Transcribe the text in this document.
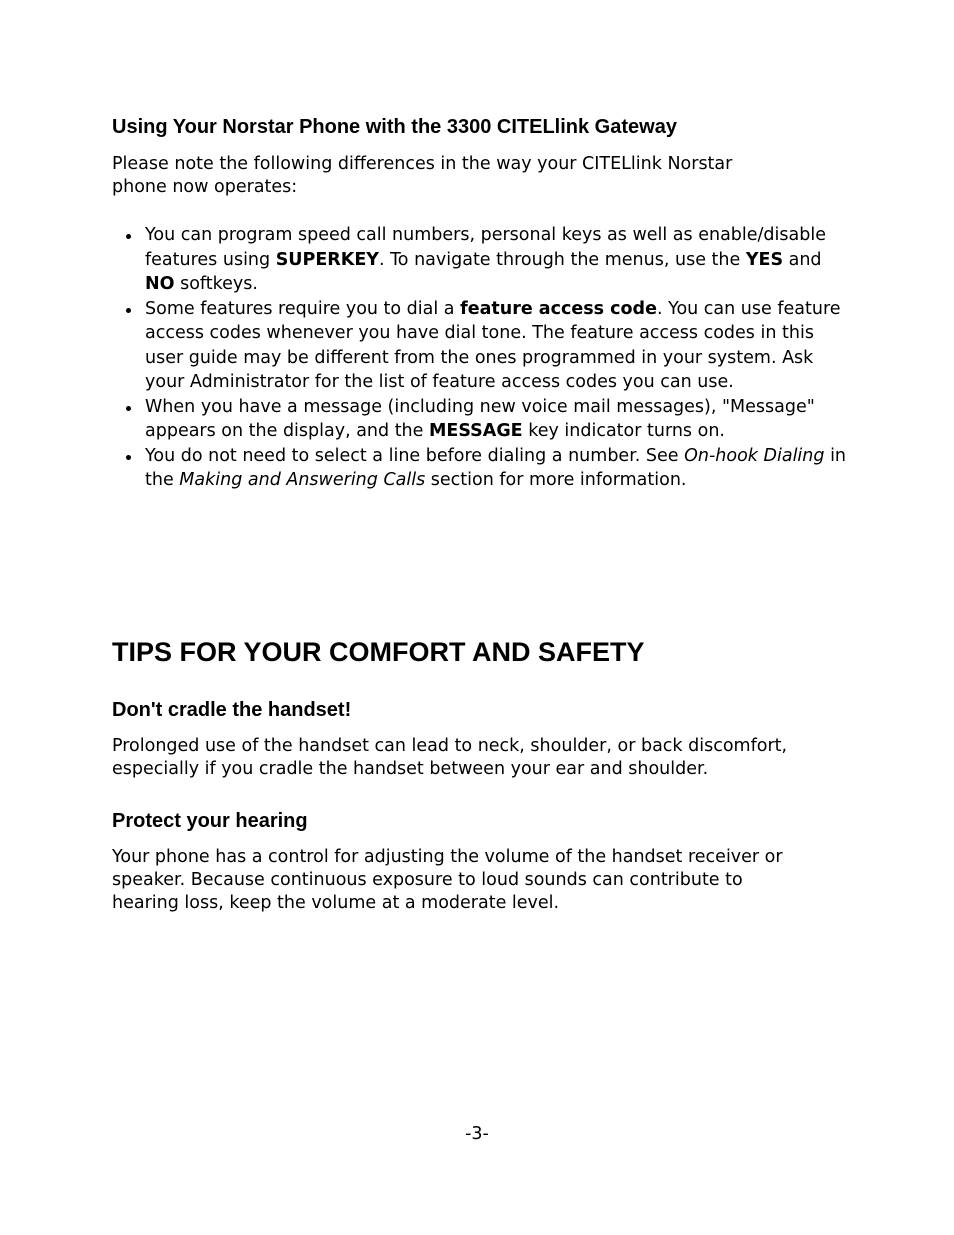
Using Your Norstar Phone with the 3300 CITELlink Gateway

Please note the following differences in the way your CITELlink Norstar
phone now operates:

You can program speed call numbers, personal keys as well as enable/disable features using SUPERKEY. To navigate through the menus, use the YES and NO softkeys.
Some features require you to dial a feature access code. You can use feature access codes whenever you have dial tone. The feature access codes in this user guide may be different from the ones programmed in your system. Ask your Administrator for the list of feature access codes you can use.
When you have a message (including new voice mail messages), "Message" appears on the display, and the MESSAGE key indicator turns on.
You do not need to select a line before dialing a number. See On-hook Dialing in the Making and Answering Calls section for more information.
TIPS FOR YOUR COMFORT AND SAFETY
Don't cradle the handset!

Prolonged use of the handset can lead to neck, shoulder, or back discomfort,
especially if you cradle the handset between your ear and shoulder.

Protect your hearing

Your phone has a control for adjusting the volume of the handset receiver or
speaker. Because continuous exposure to loud sounds can contribute to
hearing loss, keep the volume at a moderate level.

-3-
